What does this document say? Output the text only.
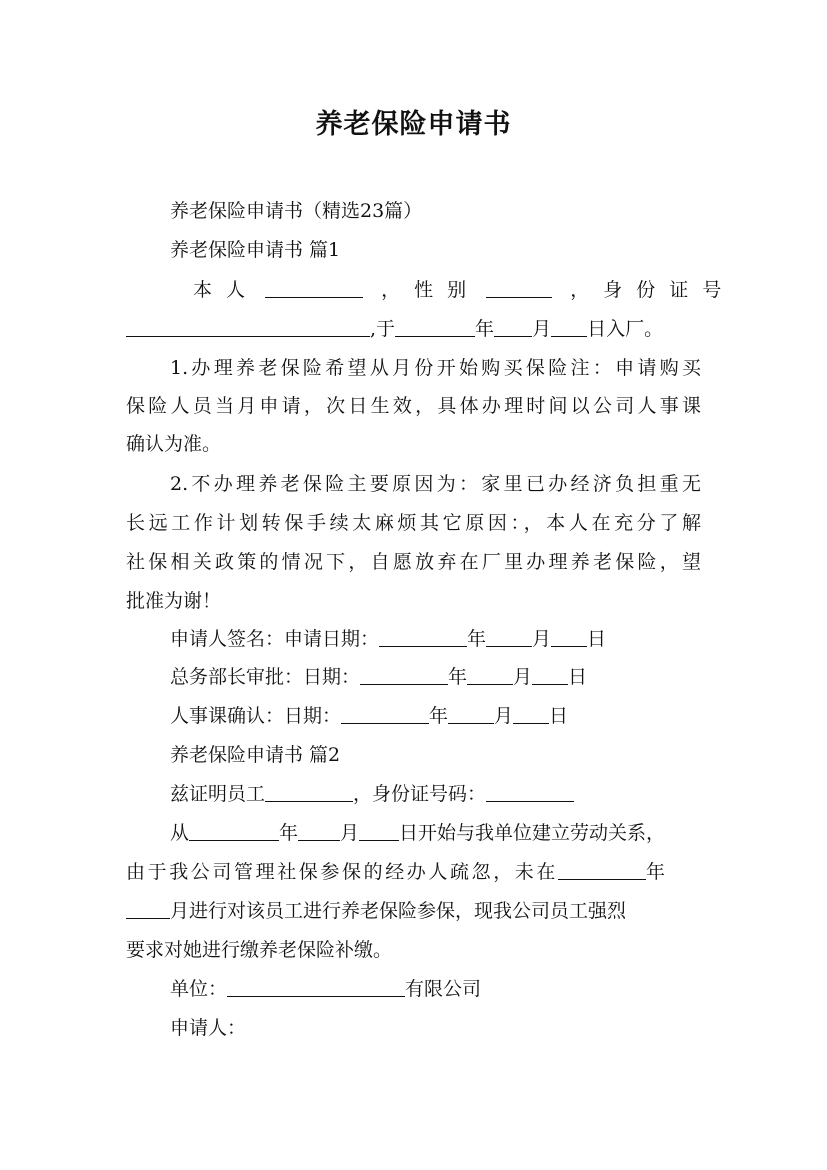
养老保险申请书
养老保险申请书（精选23篇）
养老保险申请书 篇1
本人	，性别	，身份证号
,于	年 月 日入厂。
1.办理养老保险希望从月份开始购买保险注：申请购买
保险人员当月申请，次日生效，具体办理时间以公司人事课
确认为准。
2.不办理养老保险主要原因为：家里已办经济负担重无
长远工作计划转保手续太麻烦其它原因：，本人在充分了解
社保相关政策的情况下，自愿放弃在厂里办理养老保险，望
批准为谢！
申请人签名：申请日期：	年 月 日
总务部长审批：日期：	年 月 日
人事课确认：日期：	年 月 日
养老保险申请书 篇2
兹证明员工	，身份证号码：
从	年 月 日开始与我单位建立劳动关系，
由于我公司管理社保参保的经办人疏忽，未在	年
月进行对该员工进行养老保险参保，现我公司员工强烈
要求对她进行缴养老保险补缴。
单位：	有限公司
申请人：
